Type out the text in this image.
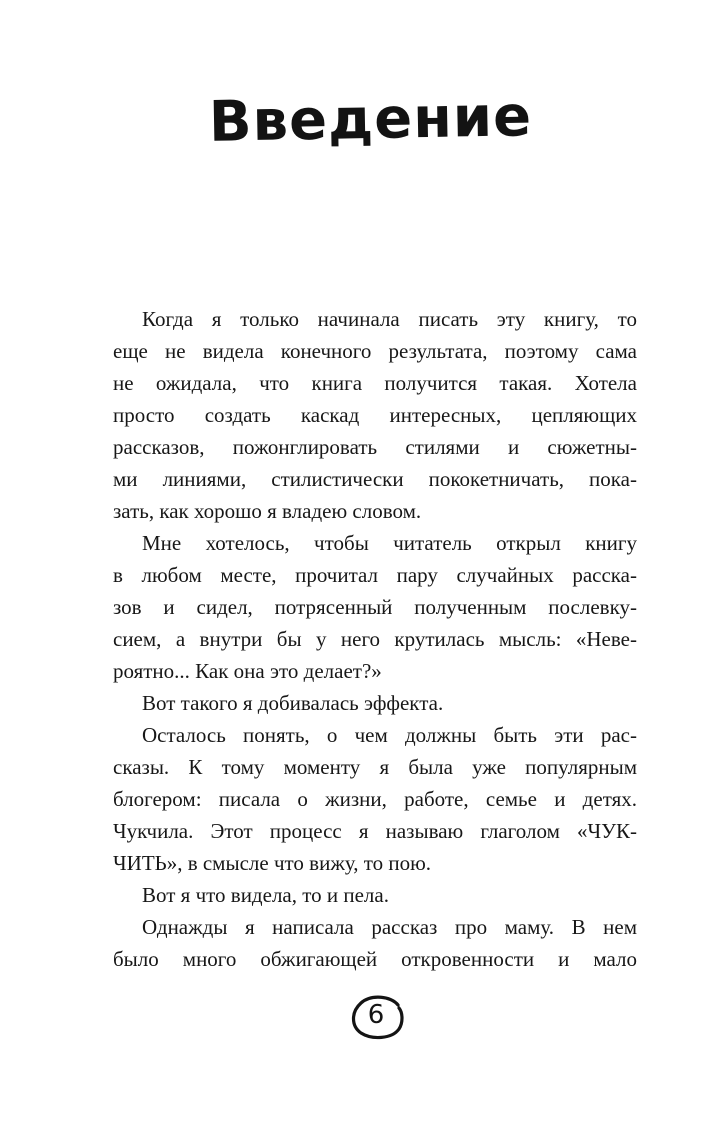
Введение
Когда я только начинала писать эту книгу, то
еще не видела конечного результата, поэтому сама
не ожидала, что книга получится такая. Хотела
просто создать каскад интересных, цепляющих
рассказов, пожонглировать стилями и сюжетны-
ми линиями, стилистически пококетничать, пока-
зать, как хорошо я владею словом.
Мне хотелось, чтобы читатель открыл книгу
в любом месте, прочитал пару случайных расска-
зов и сидел, потрясенный полученным послевку-
сием, а внутри бы у него крутилась мысль: «Неве-
роятно... Как она это делает?»
Вот такого я добивалась эффекта.
Осталось понять, о чем должны быть эти рас-
сказы. К тому моменту я была уже популярным
блогером: писала о жизни, работе, семье и детях.
Чукчила. Этот процесс я называю глаголом «ЧУК-
ЧИТЬ», в смысле что вижу, то пою.
Вот я что видела, то и пела.
Однажды я написала рассказ про маму. В нем
было много обжигающей откровенности и мало
6
